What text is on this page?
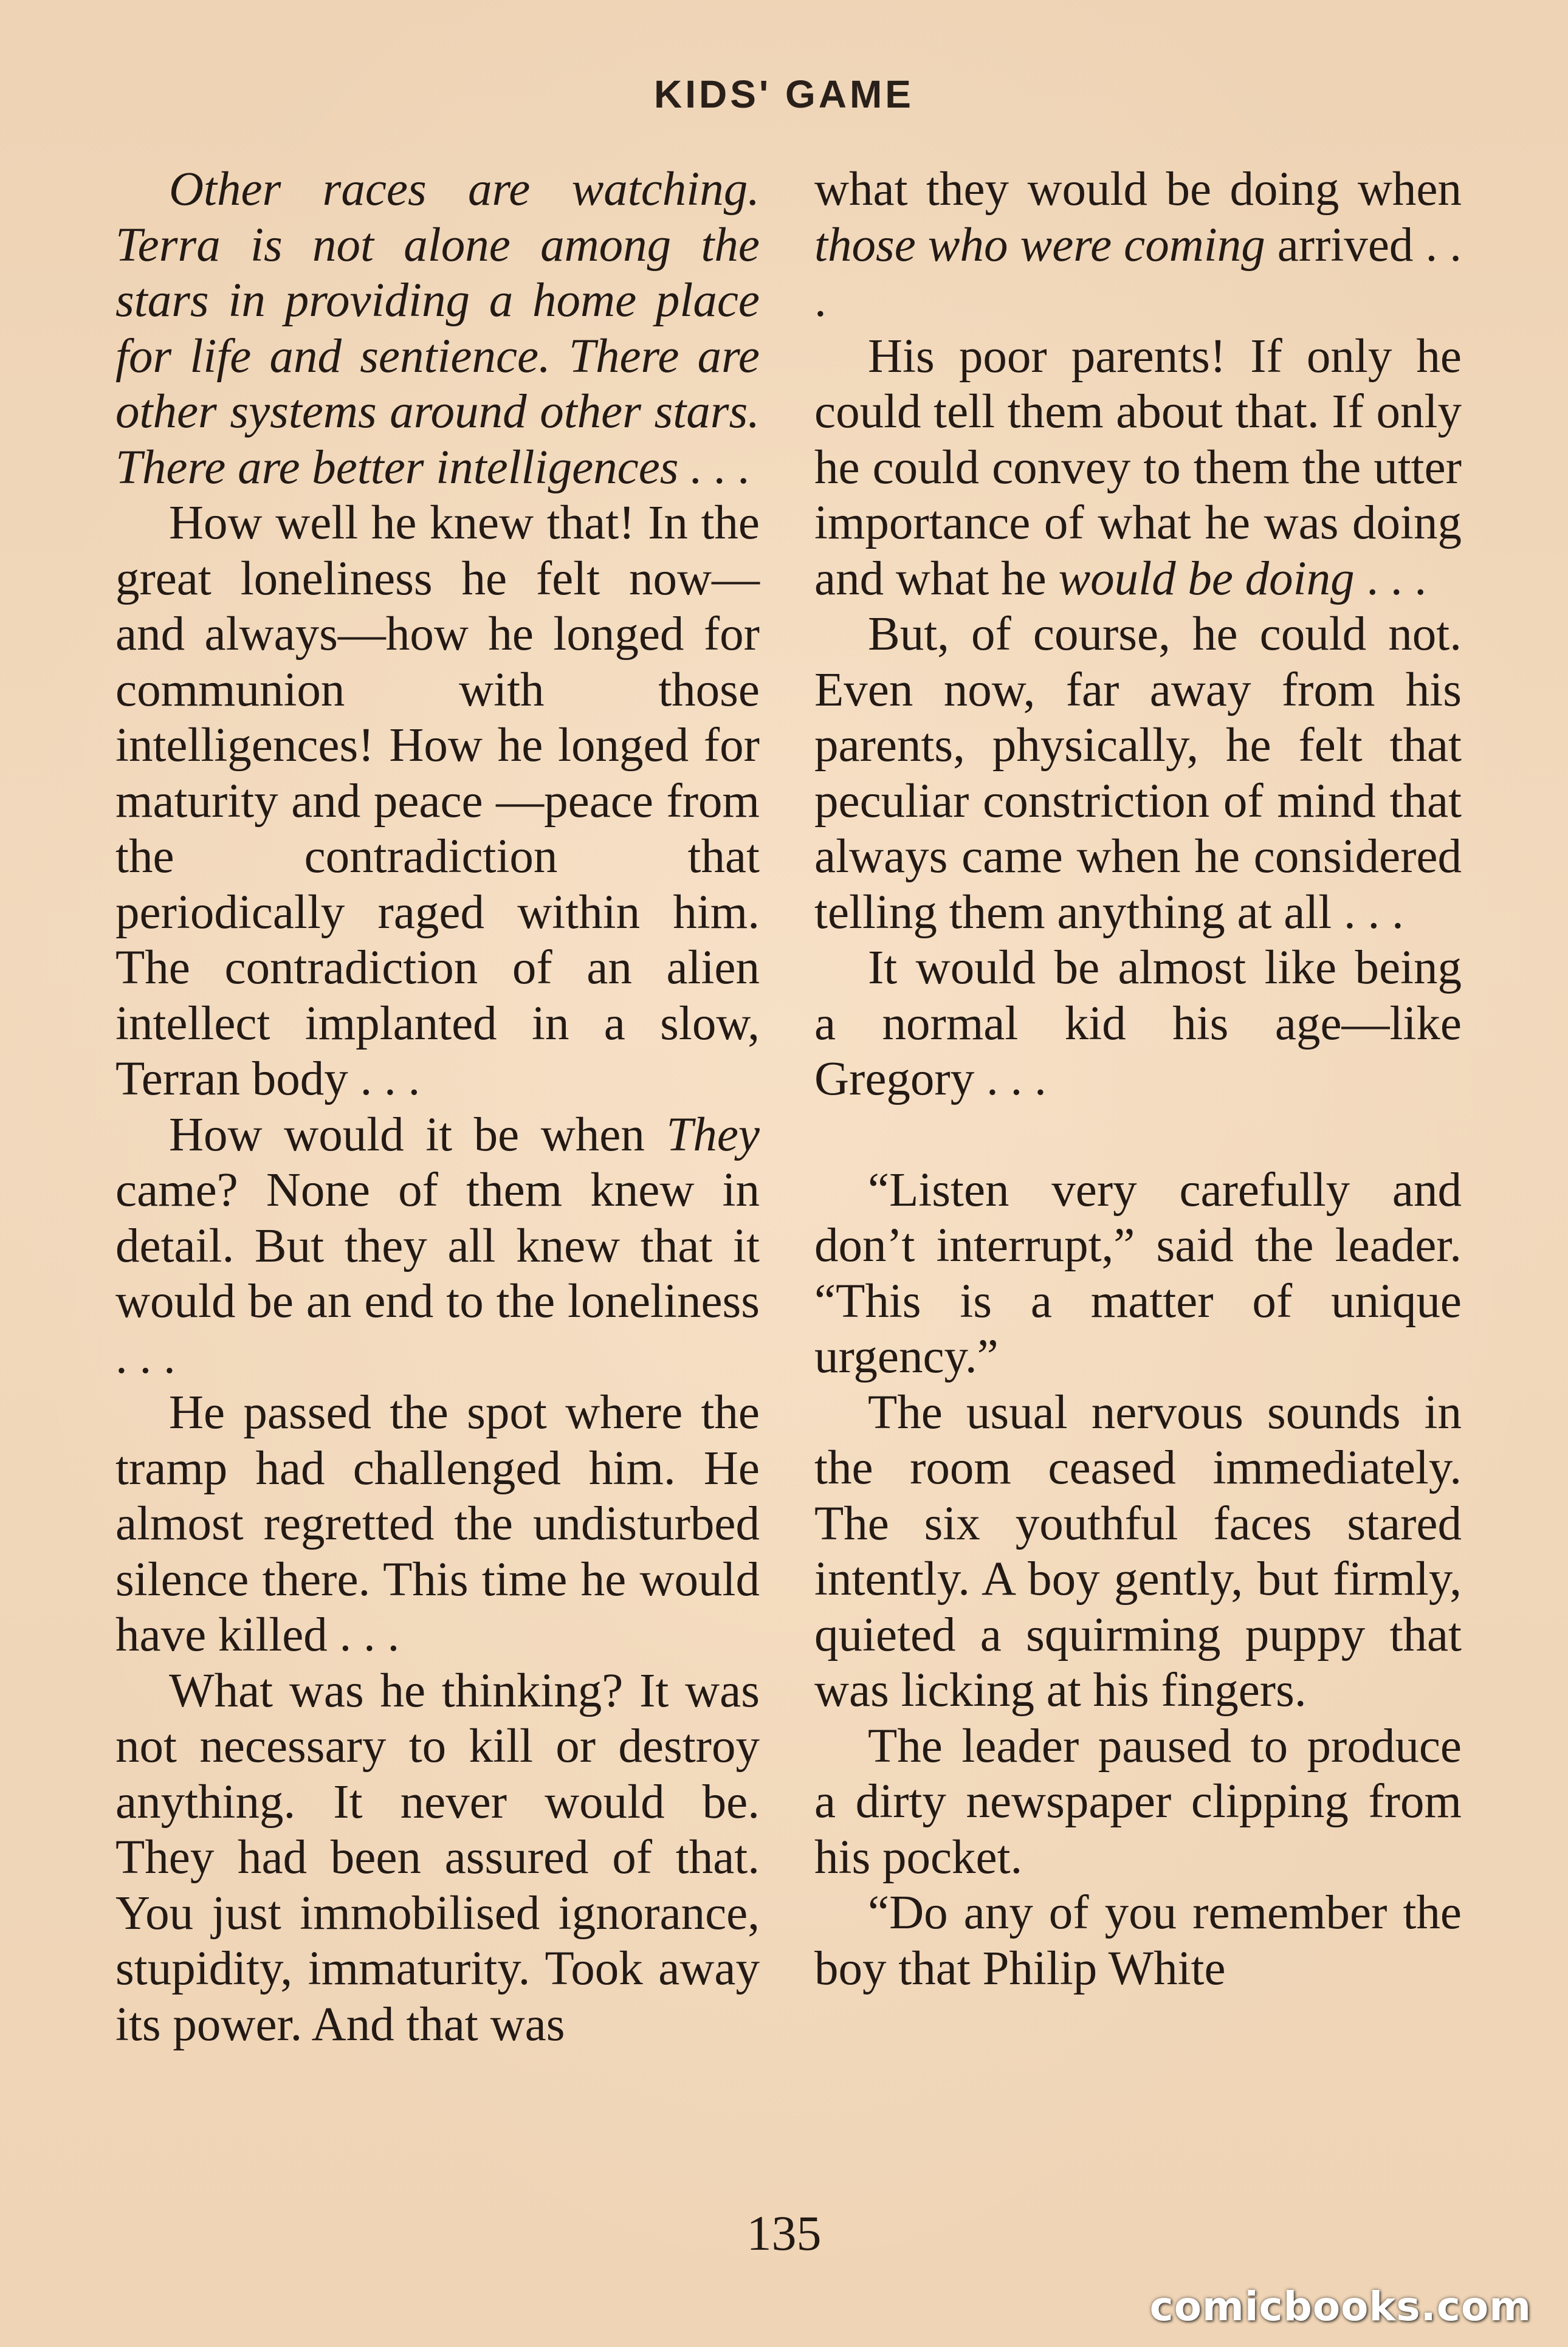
KIDS' GAME

Other races are watching. Terra is not alone among the stars in providing a home place for life and sentience. There are other systems around other stars. There are better intelligences . . .

How well he knew that! In the great loneliness he felt now—and always—how he longed for communion with those intelligences! How he longed for maturity and peace —peace from the contradiction that periodically raged within him. The contradiction of an alien intellect implanted in a slow, Terran body . . .

How would it be when They came? None of them knew in detail. But they all knew that it would be an end to the loneliness . . .

He passed the spot where the tramp had challenged him. He almost regretted the undisturbed silence there. This time he would have killed . . .

What was he thinking? It was not necessary to kill or destroy anything. It never would be. They had been assured of that. You just immobilised ignorance, stupidity, immaturity. Took away its power. And that was

what they would be doing when those who were coming arrived . . .

His poor parents! If only he could tell them about that. If only he could convey to them the utter importance of what he was doing and what he would be doing . . .

But, of course, he could not. Even now, far away from his parents, physically, he felt that peculiar constriction of mind that always came when he considered telling them anything at all . . .

It would be almost like being a normal kid his age—like Gregory . . .

“Listen very carefully and don’t interrupt,” said the leader. “This is a matter of unique urgency.”

The usual nervous sounds in the room ceased immediately. The six youthful faces stared intently. A boy gently, but firmly, quieted a squirming puppy that was licking at his fingers.

The leader paused to produce a dirty newspaper clipping from his pocket.

“Do any of you remember the boy that Philip White

135
comicbooks.com
